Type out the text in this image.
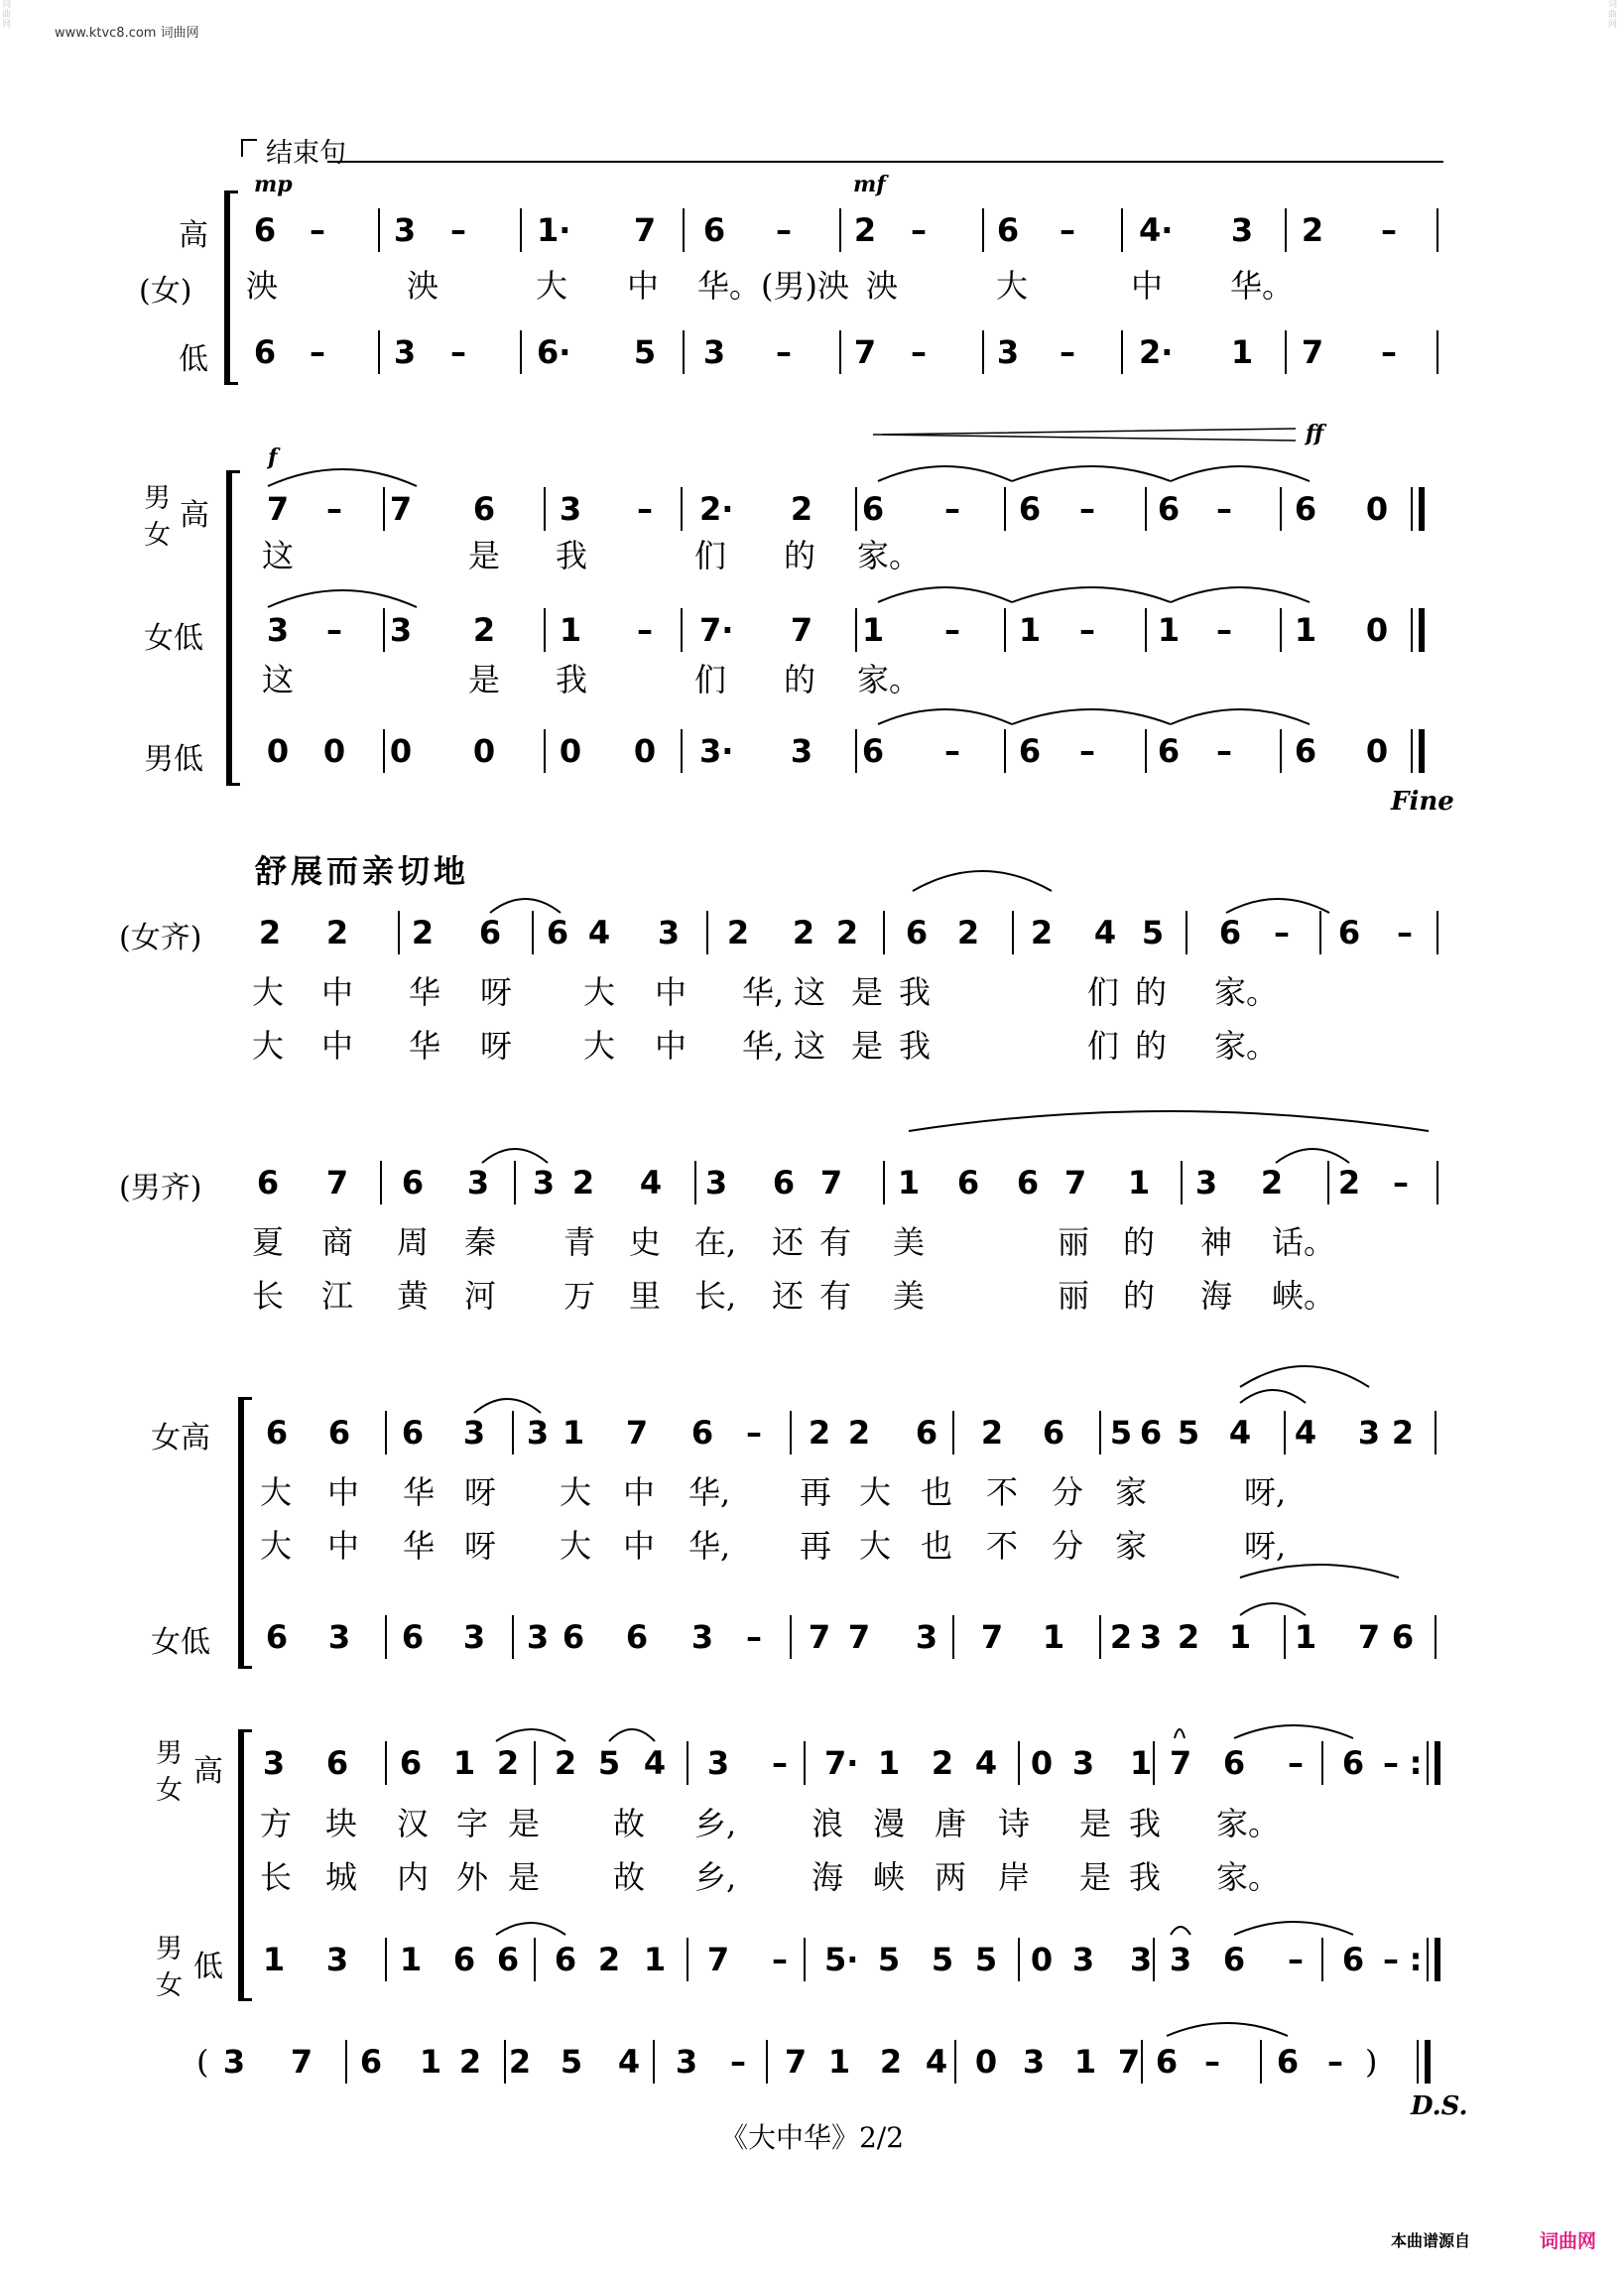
www.ktvc8.com 词曲网
词曲网
词曲网
结束句
mp	mf
高
(女)
低
6 – 3 – 1· 7 6 – 2 – 6 – 4· 3 2 –
泱	泱	大 中 华。(男)泱 泱	大	中 华。
6 – 3 – 6· 5 3 – 7 – 3 – 2· 1 7 –
f
ff
男
女
高
女低
男低
7 – 7 6 3 – 2· 2 6 – 6 – 6 – 6 0
这	是 我	们 的 家。
3 – 3 2 1 – 7· 7 1 – 1 – 1 – 1 0
这	是 我	们 的 家。
0 0 0 0 0 0 3· 3 6 – 6 – 6 – 6 0
Fine
舒展而亲切地
(女齐) 2 2 2 6 6 4 3 2 2 2 6 2 2 4 5 6 – 6 –
大 中 华 呀 大 中 华, 这 是 我	们 的 家。
大 中 华 呀 大 中 华, 这 是 我	们 的 家。
(男齐) 6 7 6 3 3 2 4 3 6 7 1 6 6 7 1 3 2 2 –
夏 商 周 秦 青 史 在, 还 有 美	丽 的 神 话。
长 江 黄 河 万 里 长, 还 有 美	丽 的 海 峡。
女高
女低
6 6 6 3 3 1 7 6 – 2 2 6 2 6 5 6 5 4 4 3 2
大 中 华 呀 大 中 华, 再 大 也 不 分 家	呀,
大 中 华 呀 大 中 华, 再 大 也 不 分 家	呀,
6 3 6 3 3 6 6 3 – 7 7 3 7 1 2 3 2 1 1 7 6
男
女
高
男
女
低
3 6 6 1 2 2 5 4 3 – 7· 1 2 4 0 3 1 7 6 – 6 – :
方 块 汉 字 是 故 乡, 浪 漫 唐 诗 是 我 家。
长 城 内 外 是 故 乡, 海 峡 两 岸 是 我 家。
1 3 1 6 6 6 2 1 7 – 5· 5 5 5 0 3 3 3 6 – 6 – :
3 7 6 1 2 2 5 4 3 – 7 1 2 4 0 3 1 7 6 – 6 –
(	)
D.S.
《大中华》2/2
本曲谱源自	词曲网
